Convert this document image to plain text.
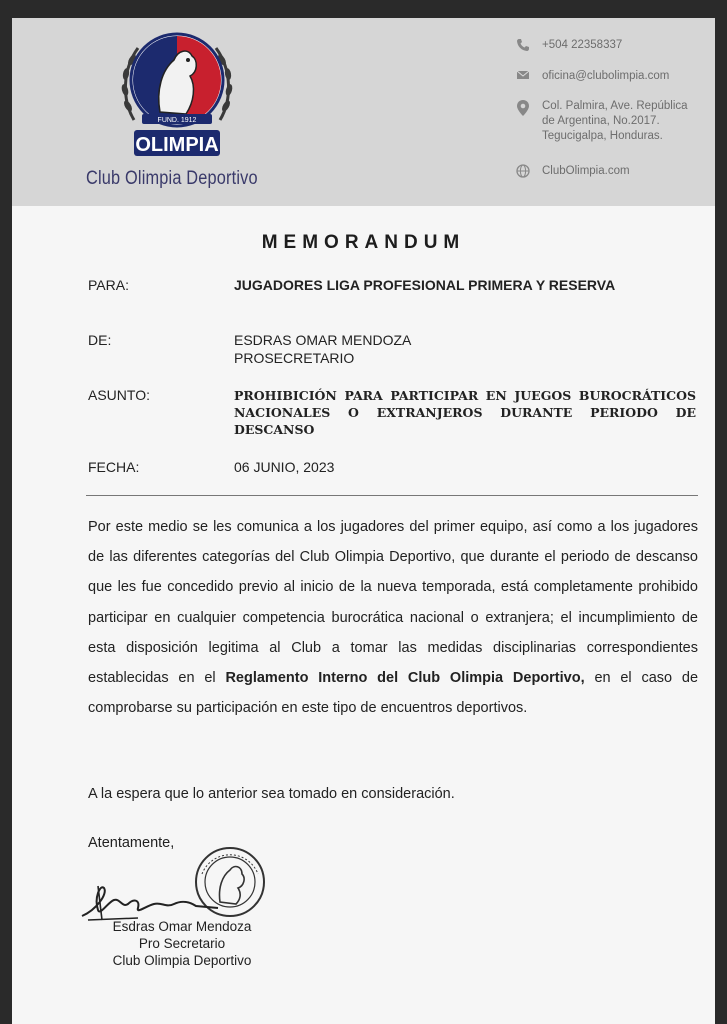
FUND. 1912
OLIMPIA
Club Olimpia Deportivo
+504 22358337
oficina@clubolimpia.com
Col. Palmira, Ave. República
de Argentina, No.2017.
Tegucigalpa, Honduras.
ClubOlimpia.com
MEMORANDUM
PARA:	JUGADORES LIGA PROFESIONAL PRIMERA Y RESERVA
DE:	ESDRAS OMAR MENDOZA
PROSECRETARIO
ASUNTO:	PROHIBICIÓN PARA PARTICIPAR EN JUEGOS BUROCRÁTICOS NACIONALES O EXTRANJEROS DURANTE PERIODO DE DESCANSO
FECHA:	06 JUNIO, 2023
Por este medio se les comunica a los jugadores del primer equipo, así como a los jugadores de las diferentes categorías del Club Olimpia Deportivo, que durante el periodo de descanso que les fue concedido previo al inicio de la nueva temporada, está completamente prohibido participar en cualquier competencia burocrática nacional o extranjera; el incumplimiento de esta disposición legitima al Club a tomar las medidas disciplinarias correspondientes establecidas en el Reglamento Interno del Club Olimpia Deportivo, en el caso de comprobarse su participación en este tipo de encuentros deportivos.
A la espera que lo anterior sea tomado en consideración.
Atentamente,
Esdras Omar Mendoza
Pro Secretario
Club Olimpia Deportivo
